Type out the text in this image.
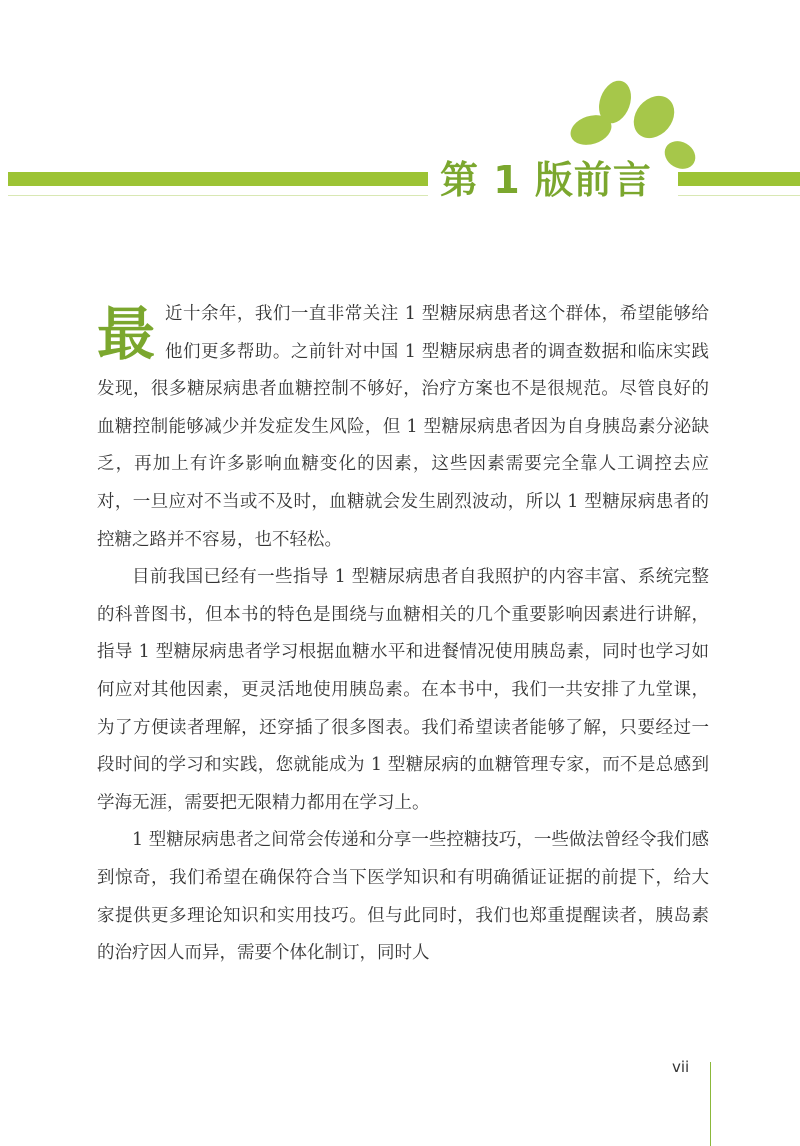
第 1 版前言

最近十余年，我们一直非常关注 1 型糖尿病患者这个群体，希望能够给他们更多帮助。之前针对中国 1 型糖尿病患者的调查数据和临床实践发现，很多糖尿病患者血糖控制不够好，治疗方案也不是很规范。尽管良好的血糖控制能够减少并发症发生风险，但 1 型糖尿病患者因为自身胰岛素分泌缺乏，再加上有许多影响血糖变化的因素，这些因素需要完全靠人工调控去应对，一旦应对不当或不及时，血糖就会发生剧烈波动，所以 1 型糖尿病患者的控糖之路并不容易，也不轻松。

目前我国已经有一些指导 1 型糖尿病患者自我照护的内容丰富、系统完整的科普图书，但本书的特色是围绕与血糖相关的几个重要影响因素进行讲解，指导 1 型糖尿病患者学习根据血糖水平和进餐情况使用胰岛素，同时也学习如何应对其他因素，更灵活地使用胰岛素。在本书中，我们一共安排了九堂课，为了方便读者理解，还穿插了很多图表。我们希望读者能够了解，只要经过一段时间的学习和实践，您就能成为 1 型糖尿病的血糖管理专家，而不是总感到学海无涯，需要把无限精力都用在学习上。

1 型糖尿病患者之间常会传递和分享一些控糖技巧，一些做法曾经令我们感到惊奇，我们希望在确保符合当下医学知识和有明确循证证据的前提下，给大家提供更多理论知识和实用技巧。但与此同时，我们也郑重提醒读者，胰岛素的治疗因人而异，需要个体化制订，同时人

vii
